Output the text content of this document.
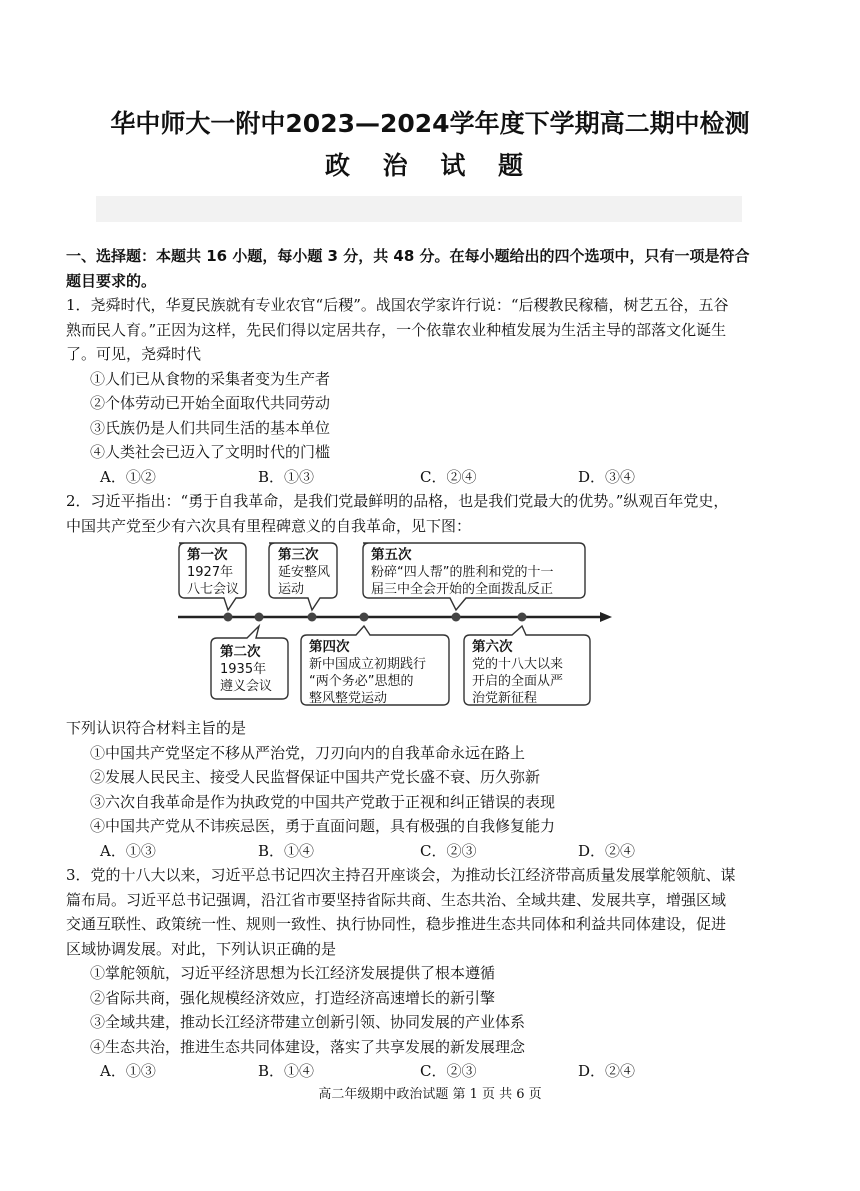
华中师大一附中2023—2024学年度下学期高二期中检测
政 治 试 题
一、选择题：本题共 16 小题，每小题 3 分，共 48 分。在每小题给出的四个选项中，只有一项是符合
题目要求的。
1．尧舜时代，华夏民族就有专业农官“后稷”。战国农学家许行说：“后稷教民稼穑，树艺五谷，五谷
熟而民人育。”正因为这样，先民们得以定居共存，一个依靠农业种植发展为生活主导的部落文化诞生
了。可见，尧舜时代
①人们已从食物的采集者变为生产者
②个体劳动已开始全面取代共同劳动
③氏族仍是人们共同生活的基本单位
④人类社会已迈入了文明时代的门槛
A．①②	B．①③	C．②④	D．③④
2．习近平指出：“勇于自我革命，是我们党最鲜明的品格，也是我们党最大的优势。”纵观百年党史，
中国共产党至少有六次具有里程碑意义的自我革命，见下图：
第一次
1927年
八七会议
第三次
延安整风
运动
第五次
粉碎“四人帮”的胜利和党的十一
届三中全会开始的全面拨乱反正
第二次
1935年
遵义会议
第四次
新中国成立初期践行
“两个务必”思想的
整风整党运动
第六次
党的十八大以来
开启的全面从严
治党新征程
下列认识符合材料主旨的是
①中国共产党坚定不移从严治党，刀刃向内的自我革命永远在路上
②发展人民民主、接受人民监督保证中国共产党长盛不衰、历久弥新
③六次自我革命是作为执政党的中国共产党敢于正视和纠正错误的表现
④中国共产党从不讳疾忌医，勇于直面问题，具有极强的自我修复能力
A．①③	B．①④	C．②③	D．②④
3．党的十八大以来，习近平总书记四次主持召开座谈会，为推动长江经济带高质量发展掌舵领航、谋
篇布局。习近平总书记强调，沿江省市要坚持省际共商、生态共治、全域共建、发展共享，增强区域
交通互联性、政策统一性、规则一致性、执行协同性，稳步推进生态共同体和利益共同体建设，促进
区域协调发展。对此，下列认识正确的是
①掌舵领航，习近平经济思想为长江经济发展提供了根本遵循
②省际共商，强化规模经济效应，打造经济高速增长的新引擎
③全域共建，推动长江经济带建立创新引领、协同发展的产业体系
④生态共治，推进生态共同体建设，落实了共享发展的新发展理念
A．①③	B．①④	C．②③	D．②④
高二年级期中政治试题 第 1 页 共 6 页
